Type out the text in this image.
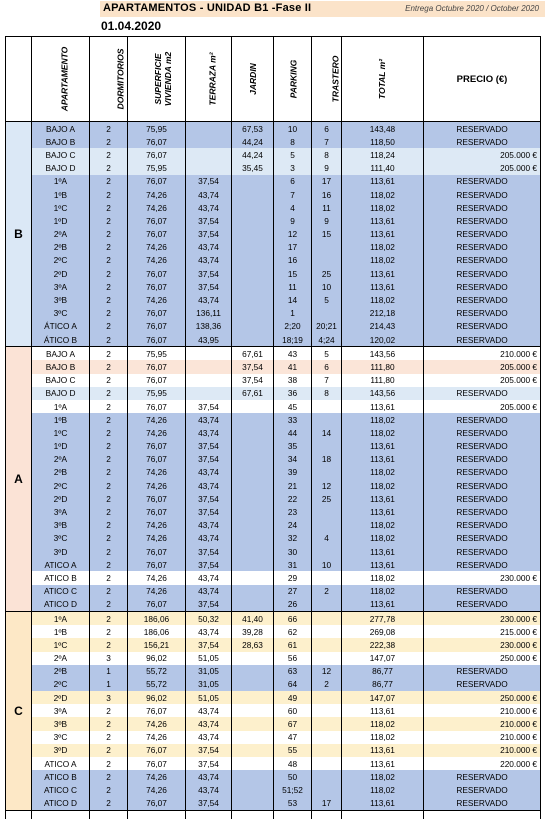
APARTAMENTOS - UNIDAD B1 -Fase II	Entrega Octubre 2020 / October 2020
01.04.2020
	APARTAMENTO	DORMITORIOS	SUPERFICIE VIVIENDA m2	TERRAZA m²	JARDIN	PARKING	TRASTERO	TOTAL m²	PRECIO (€)
B	BAJO A	2	75,95		67,53	10	6	143,48	RESERVADO
	BAJO B	2	76,07		44,24	8	7	118,50	RESERVADO
	BAJO C	2	76,07		44,24	5	8	118,24	205.000 €
	BAJO D	2	75,95		35,45	3	9	111,40	205.000 €
	1ºA	2	76,07	37,54		6	17	113,61	RESERVADO
	1ºB	2	74,26	43,74		7	16	118,02	RESERVADO
	1ºC	2	74,26	43,74		4	11	118,02	RESERVADO
	1ºD	2	76,07	37,54		9	9	113,61	RESERVADO
	2ºA	2	76,07	37,54		12	15	113,61	RESERVADO
	2ºB	2	74,26	43,74		17		118,02	RESERVADO
	2ºC	2	74,26	43,74		16		118,02	RESERVADO
	2ºD	2	76,07	37,54		15	25	113,61	RESERVADO
	3ºA	2	76,07	37,54		11	10	113,61	RESERVADO
	3ºB	2	74,26	43,74		14	5	118,02	RESERVADO
	3ºC	2	76,07	136,11		1		212,18	RESERVADO
	ÁTICO A	2	76,07	138,36		2;20	20;21	214,43	RESERVADO
	ÁTICO B	2	76,07	43,95		18;19	4;24	120,02	RESERVADO
A	BAJO A	2	75,95		67,61	43	5	143,56	210.000 €
	BAJO B	2	76,07		37,54	41	6	111,80	205.000 €
	BAJO C	2	76,07		37,54	38	7	111,80	205.000 €
	BAJO D	2	75,95		67,61	36	8	143,56	RESERVADO
	1ºA	2	76,07	37,54		45		113,61	205.000 €
	1ºB	2	74,26	43,74		33		118,02	RESERVADO
	1ºC	2	74,26	43,74		44	14	118,02	RESERVADO
	1ºD	2	76,07	37,54		35		113,61	RESERVADO
	2ºA	2	76,07	37,54		34	18	113,61	RESERVADO
	2ºB	2	74,26	43,74		39		118,02	RESERVADO
	2ºC	2	74,26	43,74		21	12	118,02	RESERVADO
	2ºD	2	76,07	37,54		22	25	113,61	RESERVADO
	3ºA	2	76,07	37,54		23		113,61	RESERVADO
	3ºB	2	74,26	43,74		24		118,02	RESERVADO
	3ºC	2	74,26	43,74		32	4	118,02	RESERVADO
	3ºD	2	76,07	37,54		30		113,61	RESERVADO
	ATICO A	2	76,07	37,54		31	10	113,61	RESERVADO
	ATICO B	2	74,26	43,74		29		118,02	230.000 €
	ATICO C	2	74,26	43,74		27	2	118,02	RESERVADO
	ATICO D	2	76,07	37,54		26		113,61	RESERVADO
C	1ºA	2	186,06	50,32	41,40	66		277,78	230.000 €
	1ºB	2	186,06	43,74	39,28	62		269,08	215.000 €
	1ºC	2	156,21	37,54	28,63	61		222,38	230.000 €
	2ºA	3	96,02	51,05		56		147,07	250.000 €
	2ºB	1	55,72	31,05		63	12	86,77	RESERVADO
	2ºC	1	55,72	31,05		64	2	86,77	RESERVADO
	2ºD	3	96,02	51,05		49		147,07	250.000 €
	3ºA	2	76,07	43,74		60		113,61	210.000 €
	3ºB	2	74,26	43,74		67		118,02	210.000 €
	3ºC	2	74,26	43,74		47		118,02	210.000 €
	3ºD	2	76,07	37,54		55		113,61	210.000 €
	ATICO A	2	76,07	37,54		48		113,61	220.000 €
	ATICO B	2	74,26	43,74		50		118,02	RESERVADO
	ATICO C	2	74,26	43,74		51;52		118,02	RESERVADO
	ATICO D	2	76,07	37,54		53	17	113,61	RESERVADO
